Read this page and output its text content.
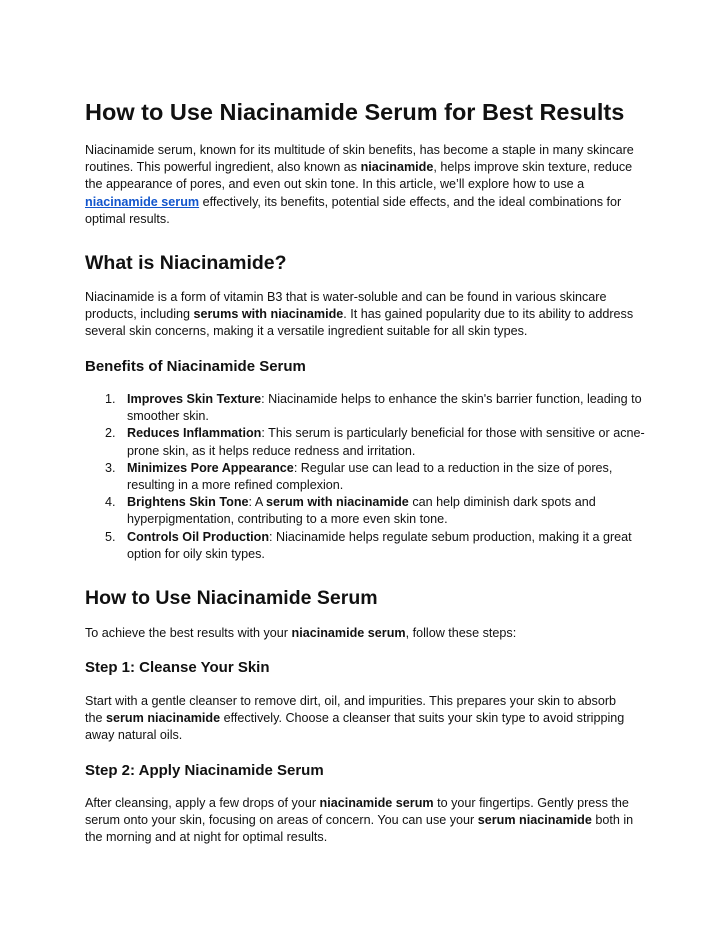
How to Use Niacinamide Serum for Best Results

Niacinamide serum, known for its multitude of skin benefits, has become a staple in many skincare routines. This powerful ingredient, also known as niacinamide, helps improve skin texture, reduce the appearance of pores, and even out skin tone. In this article, we’ll explore how to use a niacinamide serum effectively, its benefits, potential side effects, and the ideal combinations for optimal results.

What is Niacinamide?

Niacinamide is a form of vitamin B3 that is water-soluble and can be found in various skincare products, including serums with niacinamide. It has gained popularity due to its ability to address several skin concerns, making it a versatile ingredient suitable for all skin types.

Benefits of Niacinamide Serum
1. Improves Skin Texture: Niacinamide helps to enhance the skin's barrier function, leading to smoother skin.
2. Reduces Inflammation: This serum is particularly beneficial for those with sensitive or acne-prone skin, as it helps reduce redness and irritation.
3. Minimizes Pore Appearance: Regular use can lead to a reduction in the size of pores, resulting in a more refined complexion.
4. Brightens Skin Tone: A serum with niacinamide can help diminish dark spots and hyperpigmentation, contributing to a more even skin tone.
5. Controls Oil Production: Niacinamide helps regulate sebum production, making it a great option for oily skin types.
How to Use Niacinamide Serum

To achieve the best results with your niacinamide serum, follow these steps:

Step 1: Cleanse Your Skin

Start with a gentle cleanser to remove dirt, oil, and impurities. This prepares your skin to absorb the serum niacinamide effectively. Choose a cleanser that suits your skin type to avoid stripping away natural oils.

Step 2: Apply Niacinamide Serum

After cleansing, apply a few drops of your niacinamide serum to your fingertips. Gently press the serum onto your skin, focusing on areas of concern. You can use your serum niacinamide both in the morning and at night for optimal results.
